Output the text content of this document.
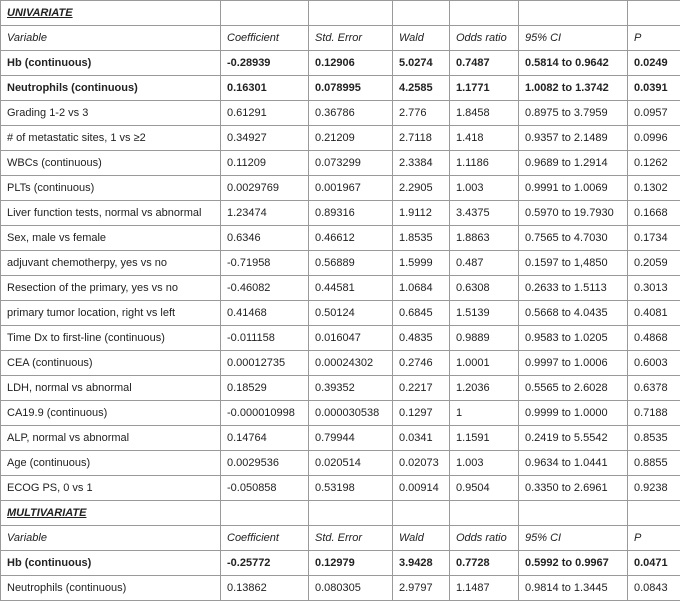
UNIVARIATE						
Variable	Coefficient	Std. Error	Wald	Odds ratio	95% CI	P
Hb (continuous)	-0.28939	0.12906	5.0274	0.7487	0.5814 to 0.9642	0.0249
Neutrophils (continuous)	0.16301	0.078995	4.2585	1.1771	1.0082 to 1.3742	0.0391
Grading 1-2 vs 3	0.61291	0.36786	2.776	1.8458	0.8975 to 3.7959	0.0957
# of metastatic sites, 1 vs ≥2	0.34927	0.21209	2.7118	1.418	0.9357 to 2.1489	0.0996
WBCs (continuous)	0.11209	0.073299	2.3384	1.1186	0.9689 to 1.2914	0.1262
PLTs (continuous)	0.0029769	0.001967	2.2905	1.003	0.9991 to 1.0069	0.1302
Liver function tests, normal vs abnormal	1.23474	0.89316	1.9112	3.4375	0.5970 to 19.7930	0.1668
Sex, male vs female	0.6346	0.46612	1.8535	1.8863	0.7565 to 4.7030	0.1734
adjuvant chemotherpy, yes vs no	-0.71958	0.56889	1.5999	0.487	0.1597 to 1,4850	0.2059
Resection of the primary, yes vs no	-0.46082	0.44581	1.0684	0.6308	0.2633 to 1.5113	0.3013
primary tumor location, right vs left	0.41468	0.50124	0.6845	1.5139	0.5668 to 4.0435	0.4081
Time Dx to first-line (continuous)	-0.011158	0.016047	0.4835	0.9889	0.9583 to 1.0205	0.4868
CEA (continuous)	0.00012735	0.00024302	0.2746	1.0001	0.9997 to 1.0006	0.6003
LDH, normal vs abnormal	0.18529	0.39352	0.2217	1.2036	0.5565 to 2.6028	0.6378
CA19.9 (continuous)	-0.000010998	0.000030538	0.1297	1	0.9999 to 1.0000	0.7188
ALP, normal vs abnormal	0.14764	0.79944	0.0341	1.1591	0.2419 to 5.5542	0.8535
Age (continuous)	0.0029536	0.020514	0.02073	1.003	0.9634 to 1.0441	0.8855
ECOG PS, 0 vs 1	-0.050858	0.53198	0.00914	0.9504	0.3350 to 2.6961	0.9238
MULTIVARIATE						
Variable	Coefficient	Std. Error	Wald	Odds ratio	95% CI	P
Hb (continuous)	-0.25772	0.12979	3.9428	0.7728	0.5992 to 0.9967	0.0471
Neutrophils (continuous)	0.13862	0.080305	2.9797	1.1487	0.9814 to 1.3445	0.0843
